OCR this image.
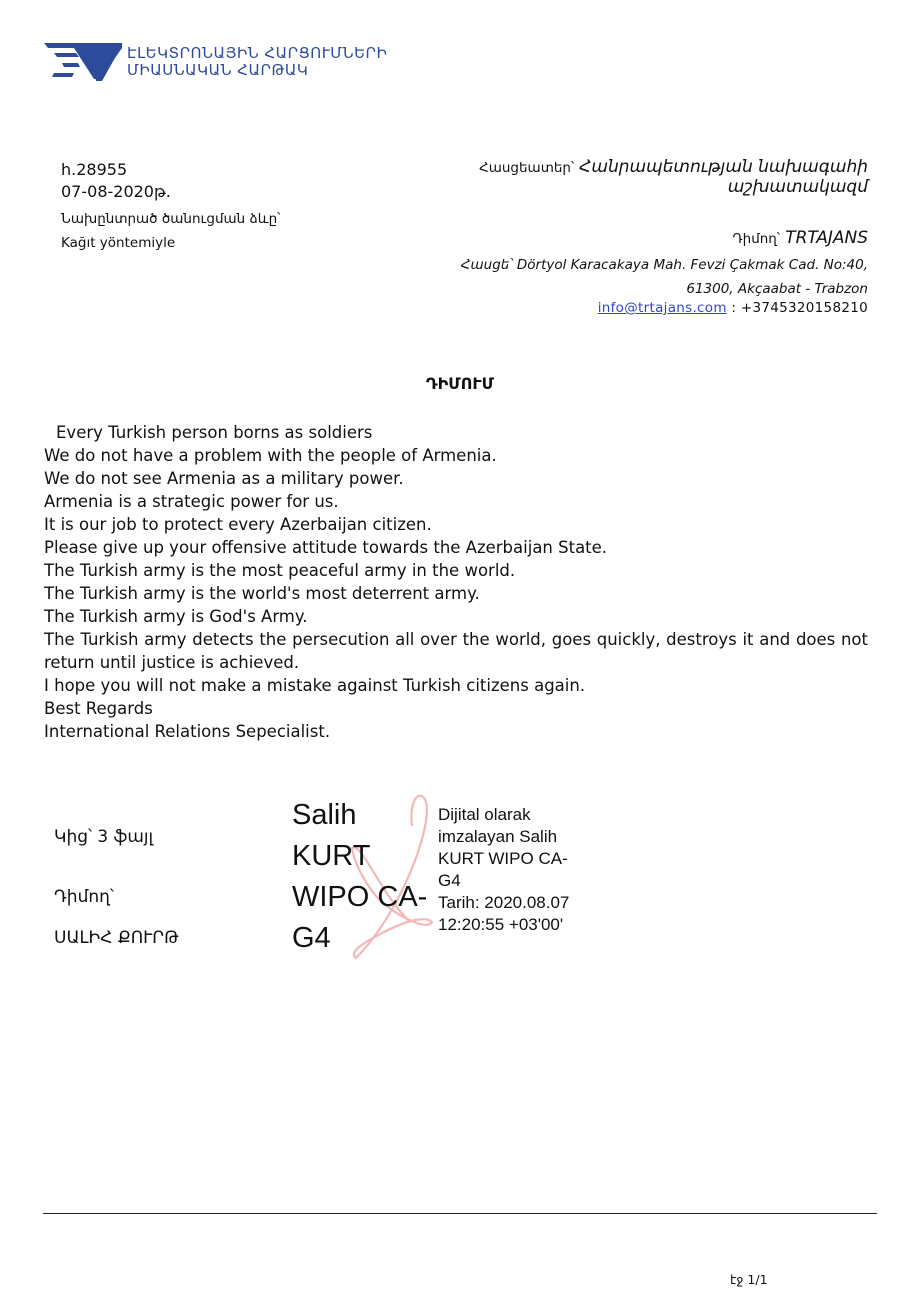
ԷԼԵԿՏՐՈՆԱՅԻՆ ՀԱՐՑՈՒՄՆԵՐԻ
ՄԻԱՍՆԱԿԱՆ ՀԱՐԹԱԿ
h.28955
07-08-2020թ.
Նախընտրած ծանուցման ձևը՝
Kağıt yöntemiyle
Հասցեատեր՝ Հանրապետության նախագահի
աշխատակազմ
Դիմող՝ TRTAJANS
Հասցե՝ Dörtyol Karacakaya Mah. Fevzi Çakmak Cad. No:40,
61300, Akçaabat - Trabzon
info@trtajans.com : +3745320158210
ԴԻՄՈՒՄ

Every Turkish person borns as soldiers

We do not have a problem with the people of Armenia.

We do not see Armenia as a military power.

Armenia is a strategic power for us.

It is our job to protect every Azerbaijan citizen.

Please give up your offensive attitude towards the Azerbaijan State.

The Turkish army is the most peaceful army in the world.

The Turkish army is the world's most deterrent army.

The Turkish army is God's Army.

The Turkish army detects the persecution all over the world, goes quickly, destroys it and does not return until justice is achieved.

I hope you will not make a mistake against Turkish citizens again.

Best Regards

International Relations Sepecialist.

Կից՝ 3 ֆայլ
Դիմող՝
ՍԱԼԻՀ ՔՈՒՐԹ
Salih
KURT
WIPO CA-
G4
Dijital olarak
imzalayan Salih
KURT WIPO CA-
G4
Tarih: 2020.08.07
12:20:55 +03'00'
էջ 1/1
